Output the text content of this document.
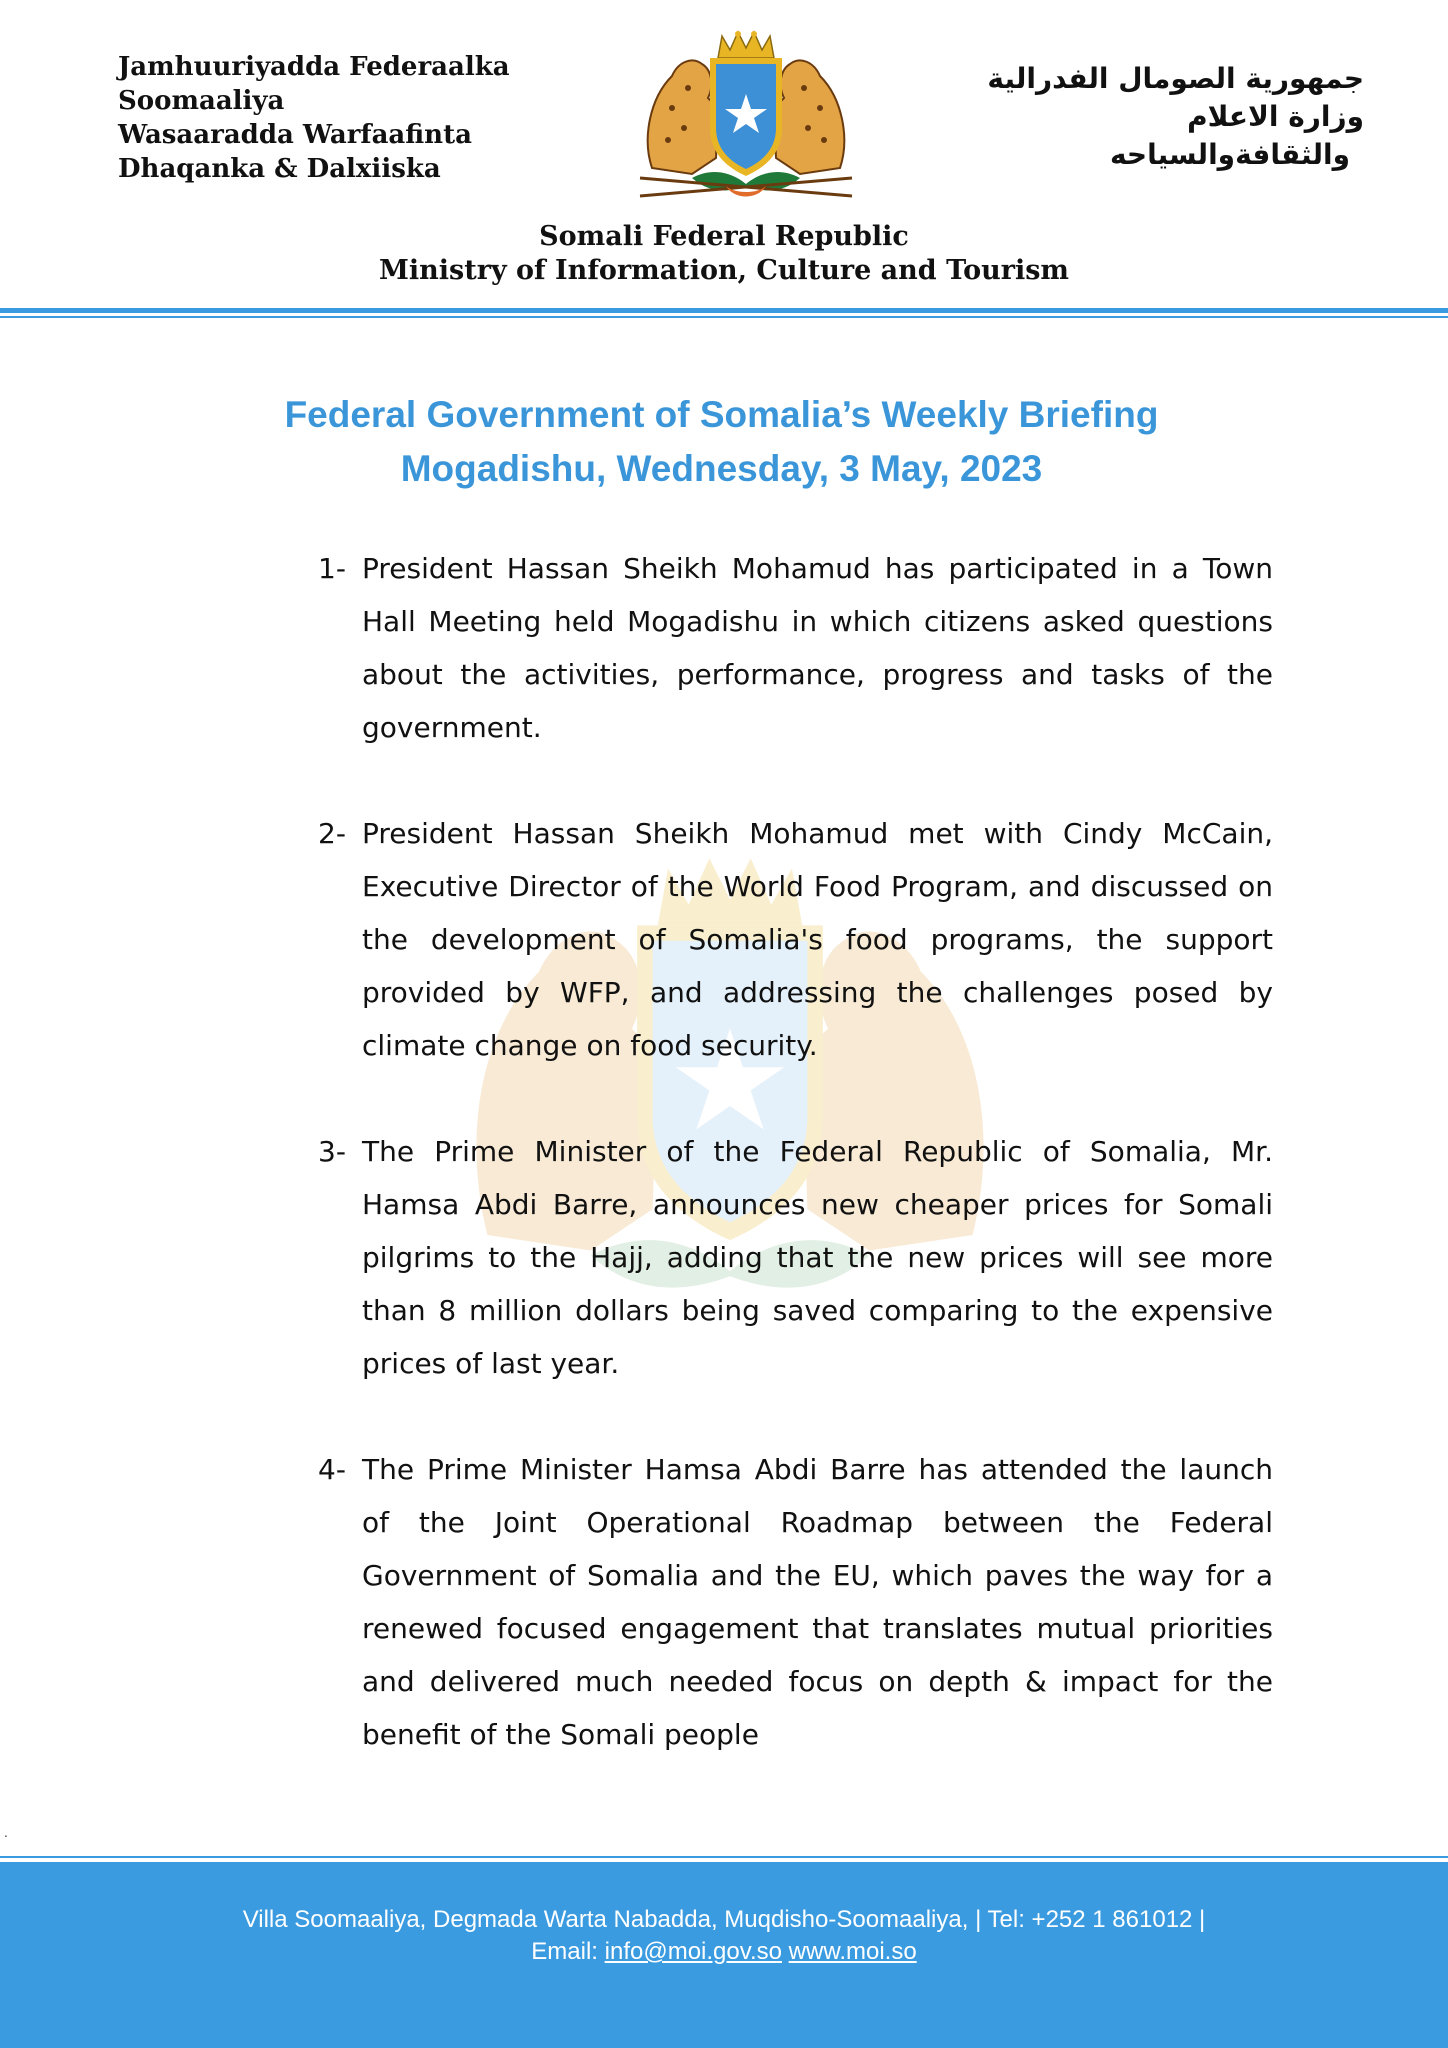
Jamhuuriyadda Federaalka
Soomaaliya
Wasaaradda Warfaafinta
Dhaqanka & Dalxiiska
جمهورية الصومال الفدرالية
وزارة الاعلام
والثقافةوالسياحه
Somali Federal Republic
Ministry of Information, Culture and Tourism
Federal Government of Somalia’s Weekly Briefing
Mogadishu, Wednesday, 3 May, 2023
1- President Hassan Sheikh Mohamud has participated in a Town Hall Meeting held Mogadishu in which citizens asked questions about the activities, performance, progress and tasks of the government.
2- President Hassan Sheikh Mohamud met with Cindy McCain, Executive Director of the World Food Program, and discussed on the development of Somalia's food programs, the support provided by WFP, and addressing the challenges posed by climate change on food security.
3- The Prime Minister of the Federal Republic of Somalia, Mr. Hamsa Abdi Barre, announces new cheaper prices for Somali pilgrims to the Hajj, adding that the new prices will see more than 8 million dollars being saved comparing to the expensive prices of last year.
4- The Prime Minister Hamsa Abdi Barre has attended the launch of the Joint Operational Roadmap between the Federal Government of Somalia and the EU, which paves the way for a renewed focused engagement that translates mutual priorities and delivered much needed focus on depth & impact for the benefit of the Somali people
.
Villa Soomaaliya, Degmada Warta Nabadda, Muqdisho-Soomaaliya, | Tel: +252 1 861012 |
Email: info@moi.gov.so www.moi.so
